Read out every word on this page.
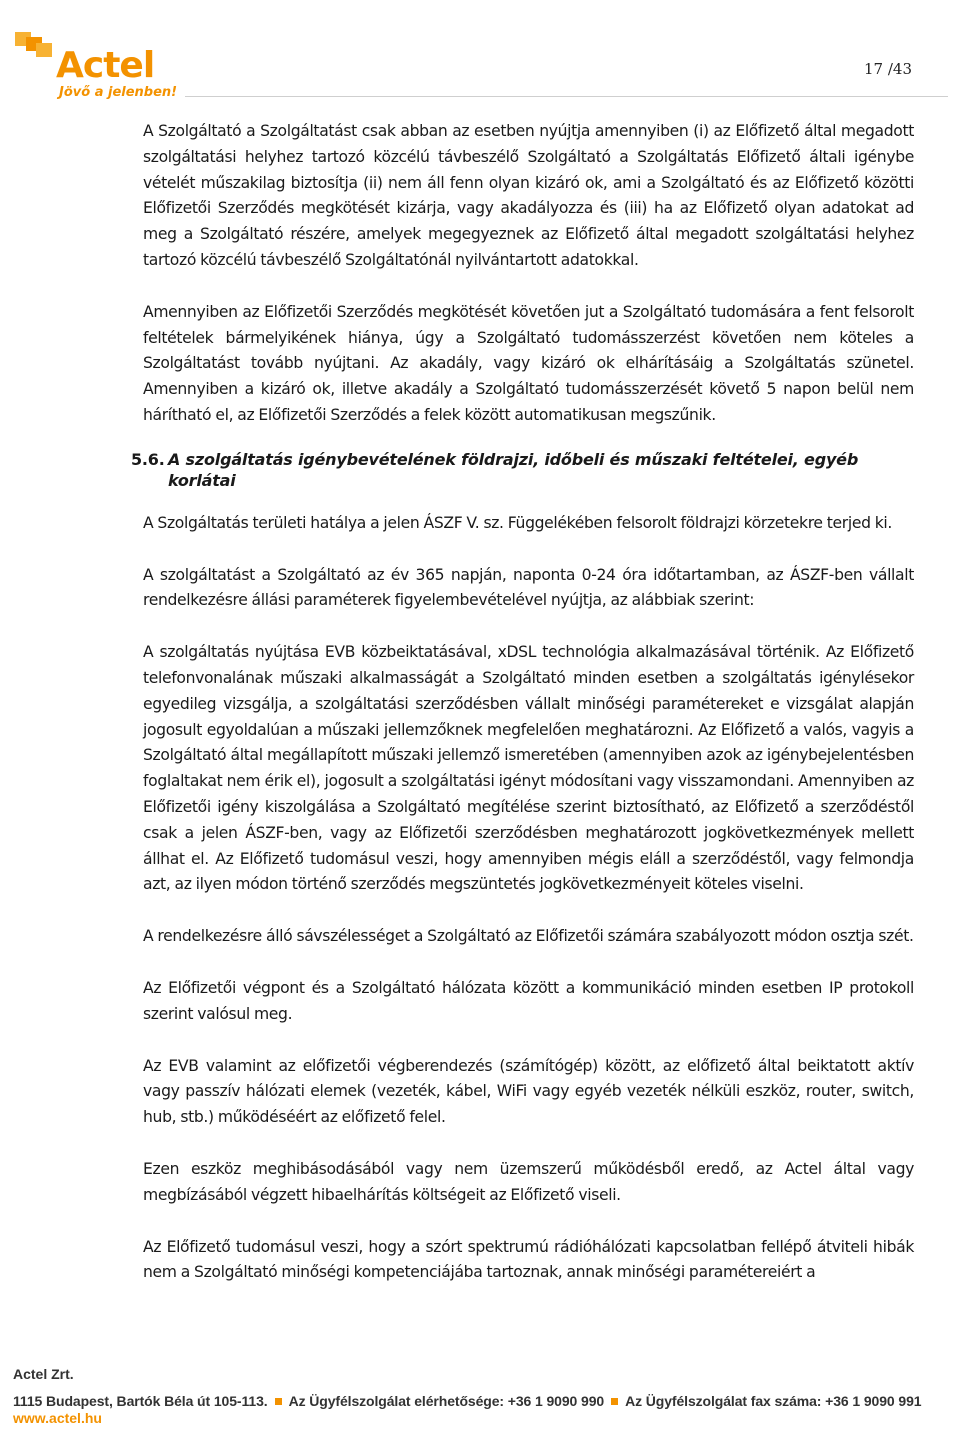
Actel
Jövő a jelenben!
17 /43

A Szolgáltató a Szolgáltatást csak abban az esetben nyújtja amennyiben (i) az Előfizető által megadott szolgáltatási helyhez tartozó közcélú távbeszélő Szolgáltató a Szolgáltatás Előfizető általi igénybe vételét műszakilag biztosítja (ii) nem áll fenn olyan kizáró ok, ami a Szolgáltató és az Előfizető közötti Előfizetői Szerződés megkötését kizárja, vagy akadályozza és (iii) ha az Előfizető olyan adatokat ad meg a Szolgáltató részére, amelyek megegyeznek az Előfizető által megadott szolgáltatási helyhez tartozó közcélú távbeszélő Szolgáltatónál nyilvántartott adatokkal.

Amennyiben az Előfizetői Szerződés megkötését követően jut a Szolgáltató tudomására a fent felsorolt feltételek bármelyikének hiánya, úgy a Szolgáltató tudomásszerzést követően nem köteles a Szolgáltatást tovább nyújtani. Az akadály, vagy kizáró ok elhárításáig a Szolgáltatás szünetel. Amennyiben a kizáró ok, illetve akadály a Szolgáltató tudomásszerzését követő 5 napon belül nem hárítható el, az Előfizetői Szerződés a felek között automatikusan megszűnik.

5.6. A szolgáltatás igénybevételének földrajzi, időbeli és műszaki feltételei, egyéb korlátai

A Szolgáltatás területi hatálya a jelen ÁSZF V. sz. Függelékében felsorolt földrajzi körzetekre terjed ki.

A szolgáltatást a Szolgáltató az év 365 napján, naponta 0-24 óra időtartamban, az ÁSZF-ben vállalt rendelkezésre állási paraméterek figyelembevételével nyújtja, az alábbiak szerint:

A szolgáltatás nyújtása EVB közbeiktatásával, xDSL technológia alkalmazásával történik. Az Előfizető telefonvonalának műszaki alkalmasságát a Szolgáltató minden esetben a szolgáltatás igénylésekor egyedileg vizsgálja, a szolgáltatási szerződésben vállalt minőségi paramétereket e vizsgálat alapján jogosult egyoldalúan a műszaki jellemzőknek megfelelően meghatározni. Az Előfizető a valós, vagyis a Szolgáltató által megállapított műszaki jellemző ismeretében (amennyiben azok az igénybejelentésben foglaltakat nem érik el), jogosult a szolgáltatási igényt módosítani vagy visszamondani. Amennyiben az Előfizetői igény kiszolgálása a Szolgáltató megítélése szerint biztosítható, az Előfizető a szerződéstől csak a jelen ÁSZF-ben, vagy az Előfizetői szerződésben meghatározott jogkövetkezmények mellett állhat el. Az Előfizető tudomásul veszi, hogy amennyiben mégis eláll a szerződéstől, vagy felmondja azt, az ilyen módon történő szerződés megszüntetés jogkövetkezményeit köteles viselni.

A rendelkezésre álló sávszélességet a Szolgáltató az Előfizetői számára szabályozott módon osztja szét.

Az Előfizetői végpont és a Szolgáltató hálózata között a kommunikáció minden esetben IP protokoll szerint valósul meg.

Az EVB valamint az előfizetői végberendezés (számítógép) között, az előfizető által beiktatott aktív vagy passzív hálózati elemek (vezeték, kábel, WiFi vagy egyéb vezeték nélküli eszköz, router, switch, hub, stb.) működéséért az előfizető felel.

Ezen eszköz meghibásodásából vagy nem üzemszerű működésből eredő, az Actel által vagy megbízásából végzett hibaelhárítás költségeit az Előfizető viseli.

Az Előfizető tudomásul veszi, hogy a szórt spektrumú rádióhálózati kapcsolatban fellépő átviteli hibák nem a Szolgáltató minőségi kompetenciájába tartoznak, annak minőségi paramétereiért a

Actel Zrt.
1115 Budapest, Bartók Béla út 105-113. Az Ügyfélszolgálat elérhetősége: +36 1 9090 990 Az Ügyfélszolgálat fax száma: +36 1 9090 991
www.actel.hu
